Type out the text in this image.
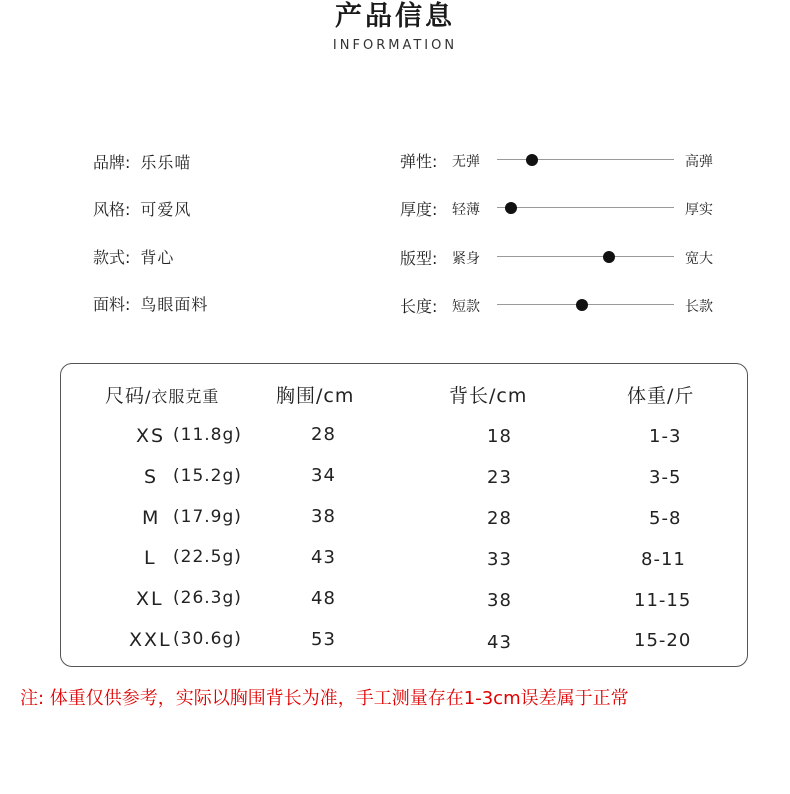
产品信息
INFORMATION
品牌: 乐乐喵
风格: 可爱风
款式: 背心
面料: 鸟眼面料
弹性: 无弹	高弹
厚度: 轻薄	厚实
版型: 紧身	宽大
长度: 短款	长款
尺码/衣服克重	胸围/cm	背长/cm	体重/斤
XS (11.8g)	28	18	1-3
S (15.2g)	34	23	3-5
M (17.9g)	38	28	5-8
L (22.5g)	43	33	8-11
XL (26.3g)	48	38	11-15
XXL (30.6g)	53	43	15-20
注: 体重仅供参考，实际以胸围背长为准，手工测量存在1-3cm误差属于正常
